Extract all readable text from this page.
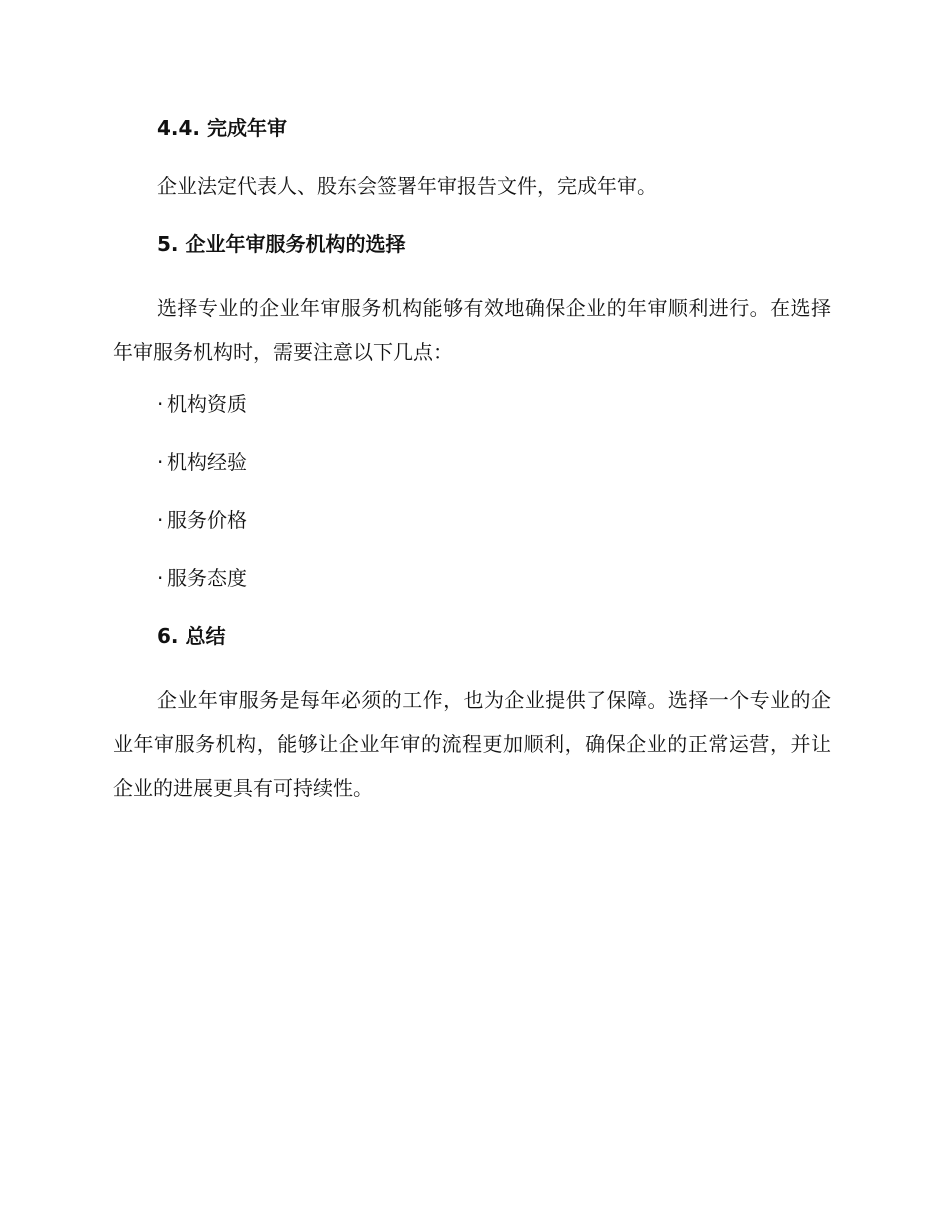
4.4. 完成年审
企业法定代表人、股东会签署年审报告文件，完成年审。
5. 企业年审服务机构的选择
选择专业的企业年审服务机构能够有效地确保企业的年审顺利进行。在选择年审服务机构时，需要注意以下几点：
· 机构资质
· 机构经验
· 服务价格
· 服务态度
6. 总结
企业年审服务是每年必须的工作，也为企业提供了保障。选择一个专业的企业年审服务机构，能够让企业年审的流程更加顺利，确保企业的正常运营，并让企业的进展更具有可持续性。
